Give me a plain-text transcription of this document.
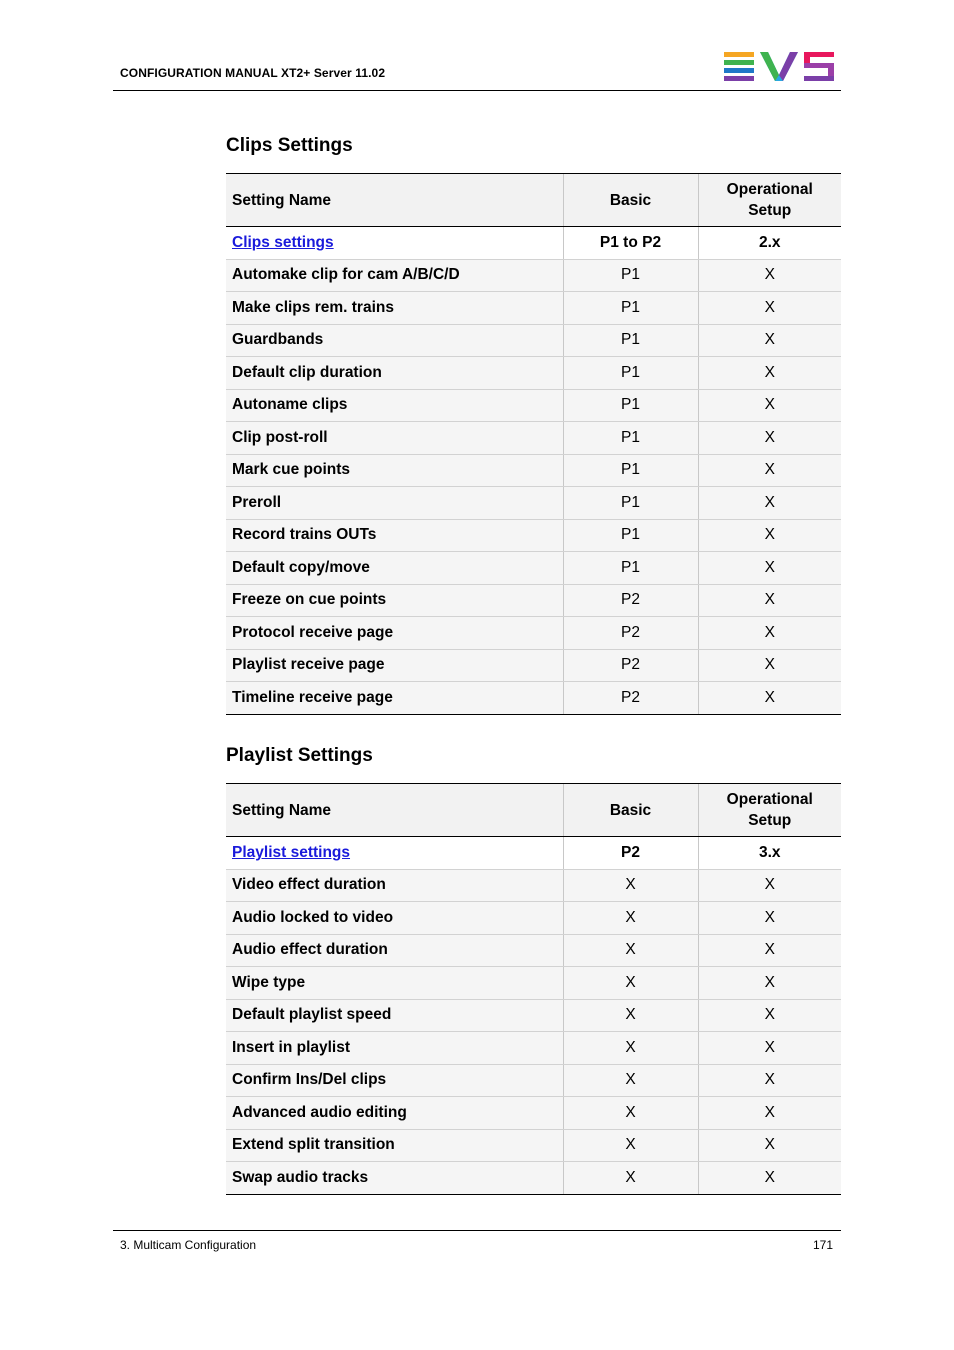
CONFIGURATION MANUAL XT2+ Server 11.02
Clips Settings
Setting Name	Basic	Operational Setup
Clips settings	P1 to P2	2.x
Automake clip for cam A/B/C/D	P1	X
Make clips rem. trains	P1	X
Guardbands	P1	X
Default clip duration	P1	X
Autoname clips	P1	X
Clip post-roll	P1	X
Mark cue points	P1	X
Preroll	P1	X
Record trains OUTs	P1	X
Default copy/move	P1	X
Freeze on cue points	P2	X
Protocol receive page	P2	X
Playlist receive page	P2	X
Timeline receive page	P2	X
Playlist Settings
Setting Name	Basic	Operational Setup
Playlist settings	P2	3.x
Video effect duration	X	X
Audio locked to video	X	X
Audio effect duration	X	X
Wipe type	X	X
Default playlist speed	X	X
Insert in playlist	X	X
Confirm Ins/Del clips	X	X
Advanced audio editing	X	X
Extend split transition	X	X
Swap audio tracks	X	X
3. Multicam Configuration	171
